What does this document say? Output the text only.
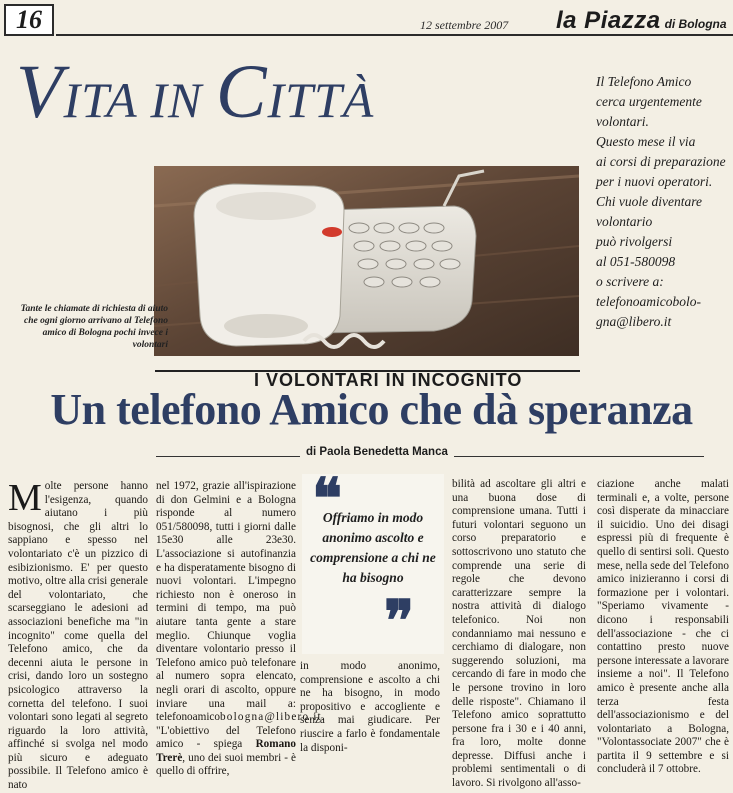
16	12 settembre 2007 la Piazza di Bologna
VITA IN CITTÀ
Tante le chiamate di richiesta di aiuto che ogni giorno arrivano al Telefono amico di Bologna pochi invece i volontari

Il Telefono Amico

cerca urgentemente

volontari.

Questo mese il via

ai corsi di preparazione

per i nuovi operatori.

Chi vuole diventare

volontario

può rivolgersi

al 051-580098

o scrivere a:

telefonoamicobolo-

gna@libero.it

I VOLONTARI IN INCOGNITO
Un telefono Amico che dà speranza
di Paola Benedetta Manca

Molte persone hanno l'esigenza, quando aiutano i più bisognosi, che gli altri lo sappiano e spesso nel volontariato c'è un pizzico di esibizionismo. E' per questo motivo, oltre alla crisi generale del volontariato, che scarseggiano le adesioni ad associazioni benefiche ma "in incognito" come quella del Telefono amico, che da decenni aiuta le persone in crisi, dando loro un sostegno psicologico attraverso la cornetta del telefono. I suoi volontari sono legati al segreto riguardo la loro attività, affinché si svolga nel modo più sicuro e adeguato possibile. Il Telefono amico è nato

nel 1972, grazie all'ispirazione di don Gelmini e a Bologna risponde al numero 051/580098, tutti i giorni dalle 15e30 alle 23e30. L'associazione si autofinanzia e ha disperatamente bisogno di nuovi volontari. L'impegno richiesto non è oneroso in termini di tempo, ma può aiutare tanta gente a stare meglio. Chiunque voglia diventare volontario presso il Telefono amico può telefonare al numero sopra elencato, negli orari di ascolto, oppure inviare una mail a: telefonoamicobologna@libero.it. "L'obiettivo del Telefono amico - spiega Romano Trerè, uno dei suoi membri - è quello di offrire,

❝
Offriamo in modo anonimo ascolto e comprensione a chi ne ha bisogno
❞

in modo anonimo, comprensione e ascolto a chi ne ha bisogno, in modo propositivo e accogliente e senza mai giudicare. Per riuscire a farlo è fondamentale la disponi-

bilità ad ascoltare gli altri e una buona dose di comprensione umana. Tutti i futuri volontari seguono un corso preparatorio e sottoscrivono uno statuto che comprende una serie di regole che devono caratterizzare sempre la nostra attività di dialogo telefonico. Noi non condanniamo mai nessuno e cerchiamo di dialogare, non suggerendo soluzioni, ma cercando di fare in modo che le persone trovino in loro delle risposte". Chiamano il Telefono amico soprattutto persone fra i 30 e i 40 anni, fra loro, molte donne depresse. Diffusi anche i problemi sentimentali o di lavoro. Si rivolgono all'asso-

ciazione anche malati terminali e, a volte, persone così disperate da minacciare il suicidio. Uno dei disagi espressi più di frequente è quello di sentirsi soli. Questo mese, nella sede del Telefono amico inizieranno i corsi di formazione per i volontari. "Speriamo vivamente - dicono i responsabili dell'associazione - che ci contattino presto nuove persone interessate a lavorare insieme a noi". Il Telefono amico è presente anche alla terza festa dell'associazionismo e del volontariato a Bologna, "Volontassociate 2007" che è partita il 9 settembre e si concluderà il 7 ottobre.
